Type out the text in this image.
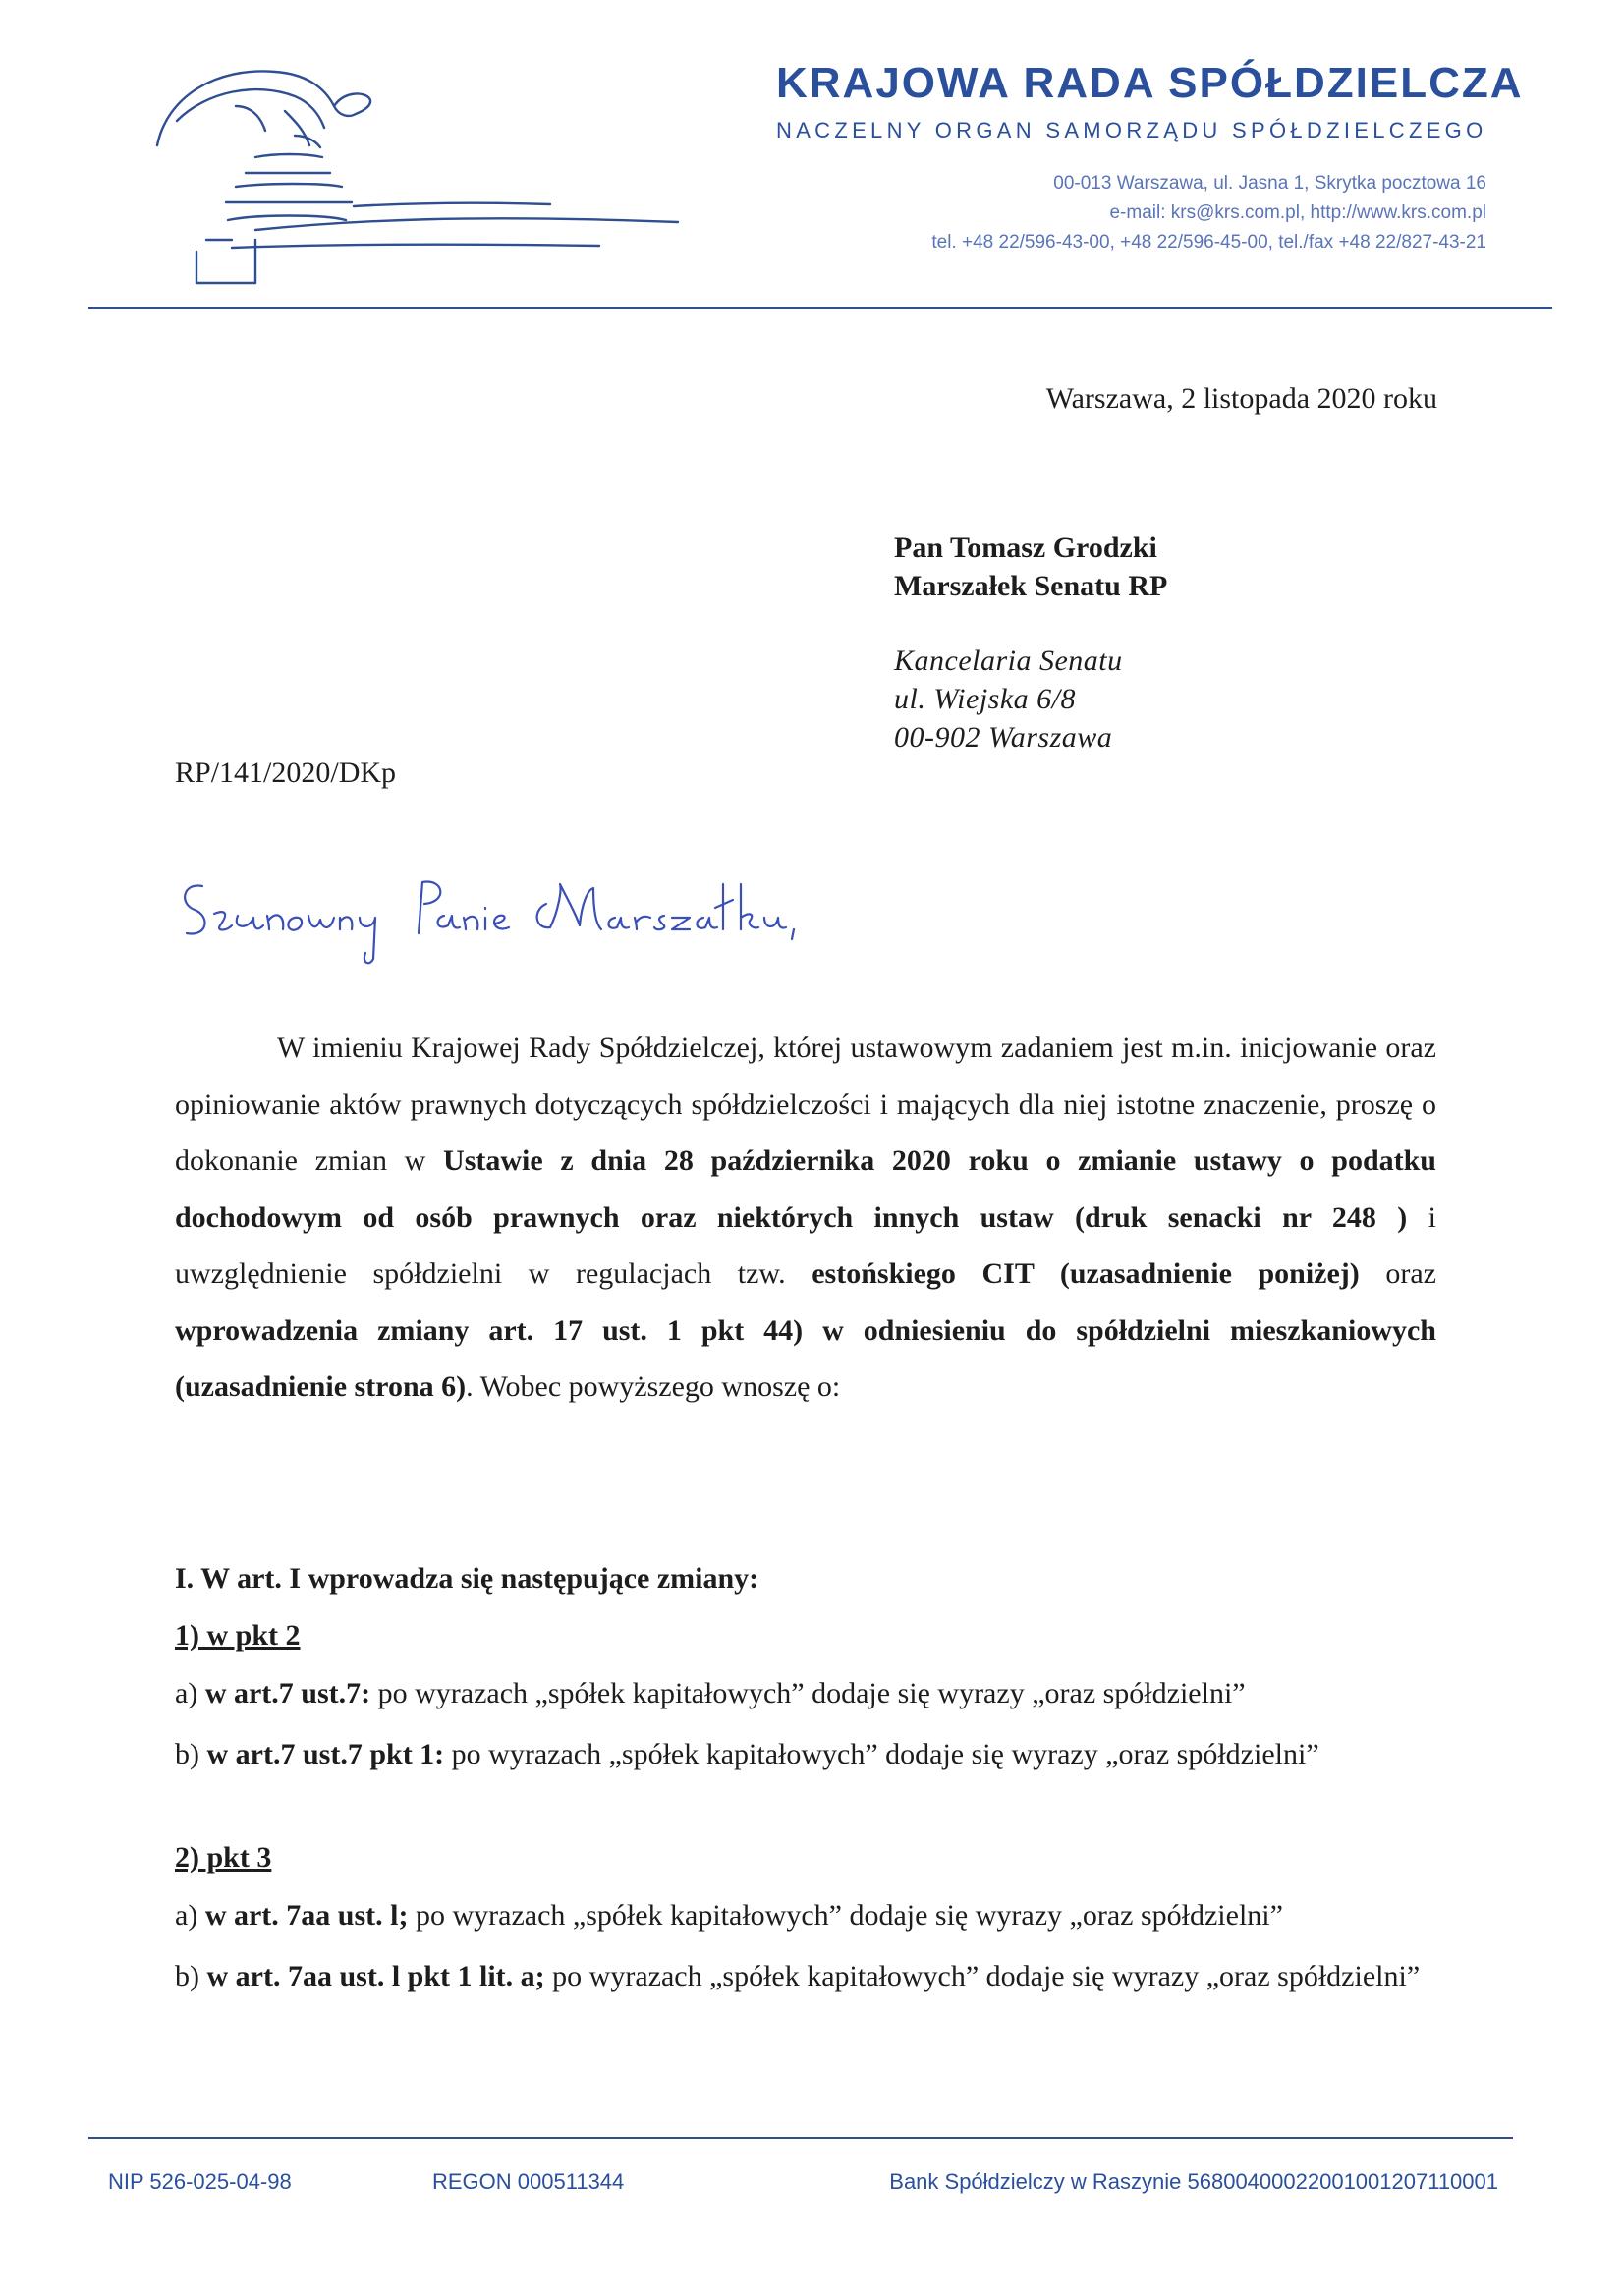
KRAJOWA RADA SPÓŁDZIELCZA
NACZELNY ORGAN SAMORZĄDU SPÓŁDZIELCZEGO
00-013 Warszawa, ul. Jasna 1, Skrytka pocztowa 16
e-mail: krs@krs.com.pl, http://www.krs.com.pl
tel. +48 22/596-43-00, +48 22/596-45-00, tel./fax +48 22/827-43-21
Warszawa, 2 listopada 2020 roku
Pan Tomasz Grodzki
Marszałek Senatu RP
Kancelaria Senatu
ul. Wiejska 6/8
00-902 Warszawa
RP/141/2020/DKp
W imieniu Krajowej Rady Spółdzielczej, której ustawowym zadaniem jest m.in. inicjowanie oraz opiniowanie aktów prawnych dotyczących spółdzielczości i mających dla niej istotne znaczenie, proszę o dokonanie zmian w Ustawie z dnia 28 października 2020 roku o zmianie ustawy o podatku dochodowym od osób prawnych oraz niektórych innych ustaw (druk senacki nr 248 ) i uwzględnienie spółdzielni w regulacjach tzw. estońskiego CIT (uzasadnienie poniżej) oraz wprowadzenia zmiany art. 17 ust. 1 pkt 44) w odniesieniu do spółdzielni mieszkaniowych (uzasadnienie strona 6). Wobec powyższego wnoszę o:
I. W art. I wprowadza się następujące zmiany:
1) w pkt 2
a) w art.7 ust.7: po wyrazach „spółek kapitałowych” dodaje się wyrazy „oraz spółdzielni”
b) w art.7 ust.7 pkt 1: po wyrazach „spółek kapitałowych” dodaje się wyrazy „oraz spółdzielni”
2) pkt 3
a) w art. 7aa ust. l; po wyrazach „spółek kapitałowych” dodaje się wyrazy „oraz spółdzielni”
b) w art. 7aa ust. l pkt 1 lit. a; po wyrazach „spółek kapitałowych” dodaje się wyrazy „oraz spółdzielni”
NIP 526-025-04-98	REGON 000511344	Bank Spółdzielczy w Raszynie 56800400022001001207110001
